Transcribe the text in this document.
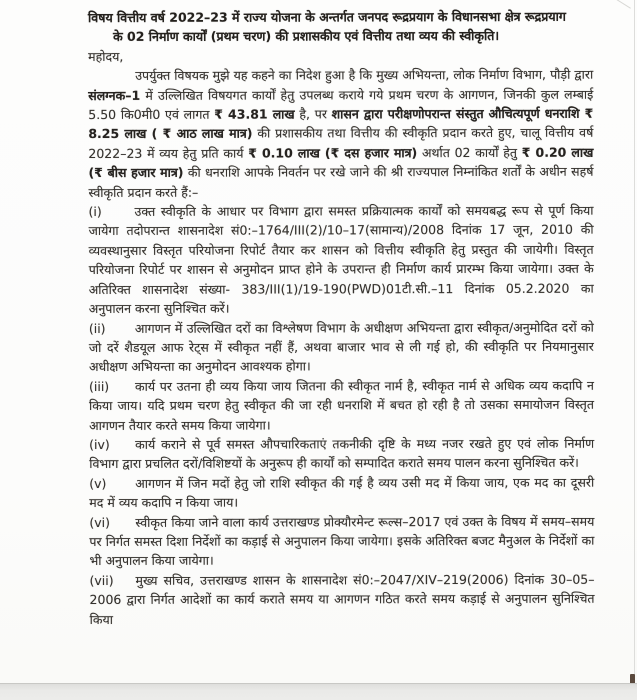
विषय वित्तीय वर्ष 2022–23 में राज्य योजना के अन्तर्गत जनपद रूद्रप्रयाग के विधानसभा क्षेत्र रूद्रप्रयाग
के 02 निर्माण कार्यों (प्रथम चरण) की प्रशासकीय एवं वित्तीय तथा व्यय की स्वीकृति।
महोदय,

उपर्युक्त विषयक मुझे यह कहने का निदेश हुआ है कि मुख्य अभियन्ता, लोक निर्माण विभाग, पौड़ी द्वारा संलग्नक–1 में उल्लिखित विषयगत कार्यों हेतु उपलब्ध कराये गये प्रथम चरण के आगणन, जिनकी कुल लम्बाई 5.50 कि0मी0 एवं लागत ₹ 43.81 लाख है, पर शासन द्वारा परीक्षणोपरान्त संस्तुत औचित्यपूर्ण धनराशि ₹ 8.25 लाख ( ₹ आठ लाख मात्र) की प्रशासकीय तथा वित्तीय की स्वीकृति प्रदान करते हुए, चालू वित्तीय वर्ष 2022–23 में व्यय हेतु प्रति कार्य ₹ 0.10 लाख (₹ दस हजार मात्र) अर्थात 02 कार्यों हेतु ₹ 0.20 लाख (₹ बीस हजार मात्र) की धनराशि आपके निवर्तन पर रखे जाने की श्री राज्यपाल निम्नांकित शर्तों के अधीन सहर्ष स्वीकृति प्रदान करते हैं:–

(i)	उक्त स्वीकृति के आधार पर विभाग द्वारा समस्त प्रक्रियात्मक कार्यों को समयबद्ध रूप से पूर्ण किया जायेगा तदोपरान्त शासनादेश सं0:–1764/III(2)/10–17(सामान्य)/2008 दिनांक 17 जून, 2010 की व्यवस्थानुसार विस्तृत परियोजना रिपोर्ट तैयार कर शासन को वित्तीय स्वीकृति हेतु प्रस्तुत की जायेगी। विस्तृत परियोजना रिपोर्ट पर शासन से अनुमोदन प्राप्त होने के उपरान्त ही निर्माण कार्य प्रारम्भ किया जायेगा। उक्त के अतिरिक्त शासनादेश संख्या- 383/III(1)/19-190(PWD)01टी.सी.–11 दिनांक 05.2.2020 का अनुपालन करना सुनिश्चित करें।

(ii) आगणन में उल्लिखित दरों का विश्लेषण विभाग के अधीक्षण अभियन्ता द्वारा स्वीकृत/अनुमोदित दरों को जो दरें शैडयूल आफ रेट्स में स्वीकृत नहीं हैं, अथवा बाजार भाव से ली गई हो, की स्वीकृति पर नियमानुसार अधीक्षण अभियन्ता का अनुमोदन आवश्यक होगा।

(iii) कार्य पर उतना ही व्यय किया जाय जितना की स्वीकृत नार्म है, स्वीकृत नार्म से अधिक व्यय कदापि न किया जाय। यदि प्रथम चरण हेतु स्वीकृत की जा रही धनराशि में बचत हो रही है तो उसका समायोजन विस्तृत आगणन तैयार करते समय किया जायेगा।

(iv) कार्य कराने से पूर्व समस्त औपचारिकताएं तकनीकी दृष्टि के मध्य नजर रखते हुए एवं लोक निर्माण विभाग द्वारा प्रचलित दरों/विशिष्टयों के अनुरूप ही कार्यों को सम्पादित कराते समय पालन करना सुनिश्चित करें।

(v) आगणन में जिन मदों हेतु जो राशि स्वीकृत की गई है व्यय उसी मद में किया जाय, एक मद का दूसरी मद में व्यय कदापि न किया जाय।

(vi) स्वीकृत किया जाने वाला कार्य उत्तराखण्ड प्रोक्यौरमेन्ट रूल्स–2017 एवं उक्त के विषय में समय–समय पर निर्गत समस्त दिशा निर्देशों का कड़ाई से अनुपालन किया जायेगा। इसके अतिरिक्त बजट मैनुअल के निर्देशों का भी अनुपालन किया जायेगा।

(vii) मुख्य सचिव, उत्तराखण्ड शासन के शासनादेश सं0:–2047/XIV–219(2006) दिनांक 30–05–2006 द्वारा निर्गत आदेशों का कार्य कराते समय या आगणन गठित करते समय कड़ाई से अनुपालन सुनिश्चित किया
